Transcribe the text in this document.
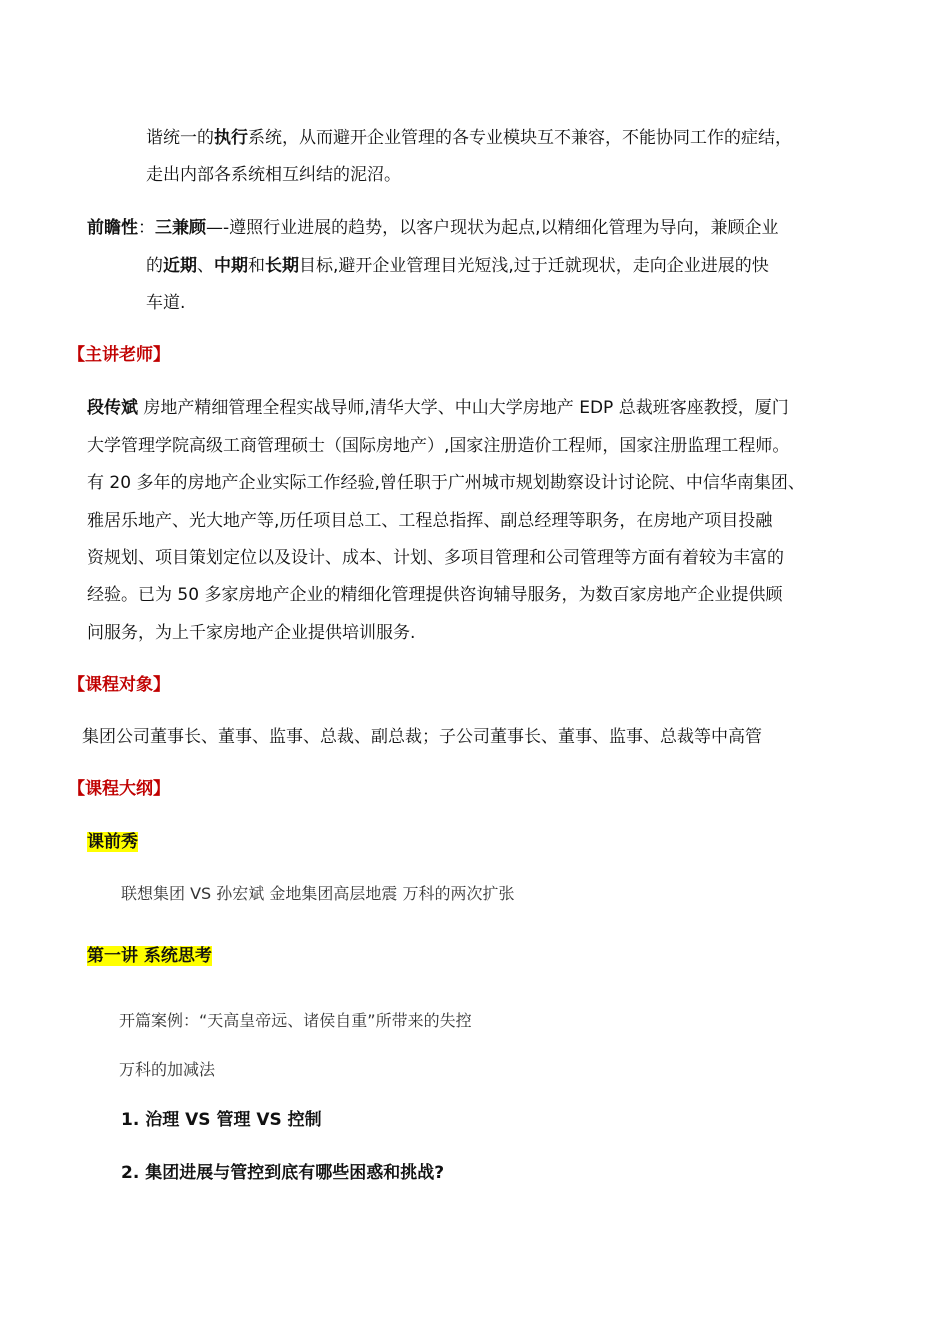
谐统一的执行系统，从而避开企业管理的各专业模块互不兼容，不能协同工作的症结，
走出内部各系统相互纠结的泥沼。
前瞻性：三兼顾—-遵照行业进展的趋势，以客户现状为起点,以精细化管理为导向，兼顾企业
的近期、中期和长期目标,避开企业管理目光短浅,过于迁就现状，走向企业进展的快
车道.
【主讲老师】
段传斌 房地产精细管理全程实战导师,清华大学、中山大学房地产 EDP 总裁班客座教授，厦门
大学管理学院高级工商管理硕士（国际房地产）,国家注册造价工程师，国家注册监理工程师。
有 20 多年的房地产企业实际工作经验,曾任职于广州城市规划勘察设计讨论院、中信华南集团、
雅居乐地产、光大地产等,历任项目总工、工程总指挥、副总经理等职务，在房地产项目投融
资规划、项目策划定位以及设计、成本、计划、多项目管理和公司管理等方面有着较为丰富的
经验。已为 50 多家房地产企业的精细化管理提供咨询辅导服务，为数百家房地产企业提供顾
问服务，为上千家房地产企业提供培训服务.
【课程对象】
集团公司董事长、董事、监事、总裁、副总裁；子公司董事长、董事、监事、总裁等中高管
【课程大纲】
课前秀
联想集团 VS 孙宏斌 金地集团高层地震 万科的两次扩张
第一讲 系统思考
开篇案例：“天高皇帝远、诸侯自重”所带来的失控
万科的加减法
1. 治理 VS 管理 VS 控制
2. 集团进展与管控到底有哪些困惑和挑战?
